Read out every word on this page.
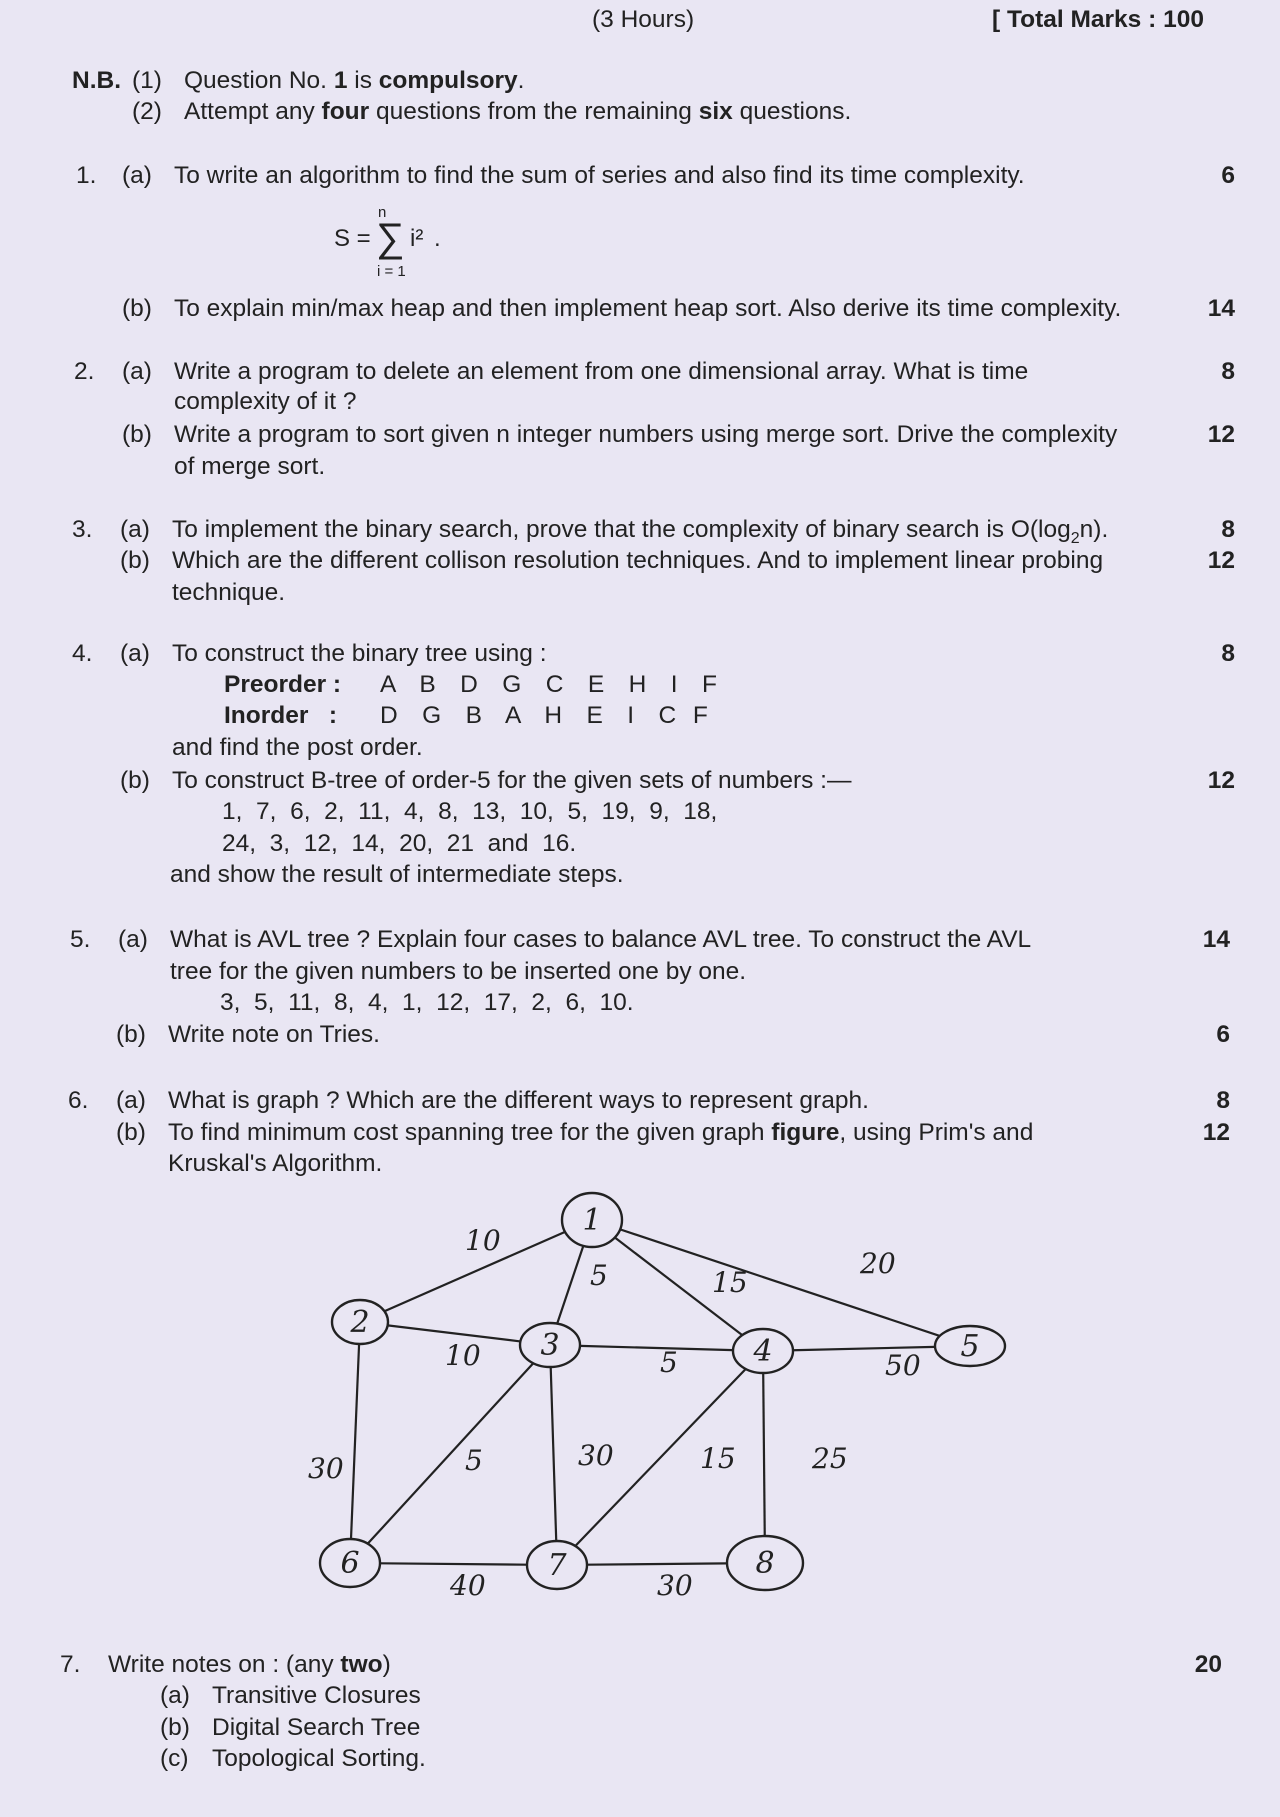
(3 Hours)	[ Total Marks : 100
N.B. (1) Question No. 1 is compulsory.
(2) Attempt any four questions from the remaining six questions.
1. (a) To write an algorithm to find the sum of series and also find its time complexity.	6
S =
n
∑
i = 1
i² .
(b) To explain min/max heap and then implement heap sort. Also derive its time complexity.	14
2. (a) Write a program to delete an element from one dimensional array. What is time
complexity of it ?
8
(b) Write a program to sort given n integer numbers using merge sort. Drive the complexity
of merge sort.
12
3. (a) To implement the binary search, prove that the complexity of binary search is $O(\log_2n)$.	8
(b) Which are the different collison resolution techniques. And to implement linear probing
technique.
12
4. (a) To construct the binary tree using :	8
Preorder : A   B   D   G   C   E   H   I   F
Inorder   : D   G   B   A   H   E   I   C  F
and find the post order.
(b) To construct B-tree of order-5 for the given sets of numbers :—	12
1,  7,  6,  2,  11,  4,  8,  13,  10,  5,  19,  9,  18,
24,  3,  12,  14,  20,  21  and  16.
and show the result of intermediate steps.
5. (a) What is AVL tree ? Explain four cases to balance AVL tree. To construct the AVL
tree for the given numbers to be inserted one by one.
3,  5,  11,  8,  4,  1,  12,  17,  2,  6,  10.
14
(b) Write note on Tries.	6
6. (a) What is graph ? Which are the different ways to represent graph.	8
(b) To find minimum cost spanning tree for the given graph figure, using Prim's and
Kruskal's Algorithm.
12
10
5	15
20
10	5	50
30	5	30	15	25
40	30
1
2
3	4	5
6	7	8
7. Write notes on : (any two)	20
(a) Transitive Closures
(b) Digital Search Tree
(c) Topological Sorting.
